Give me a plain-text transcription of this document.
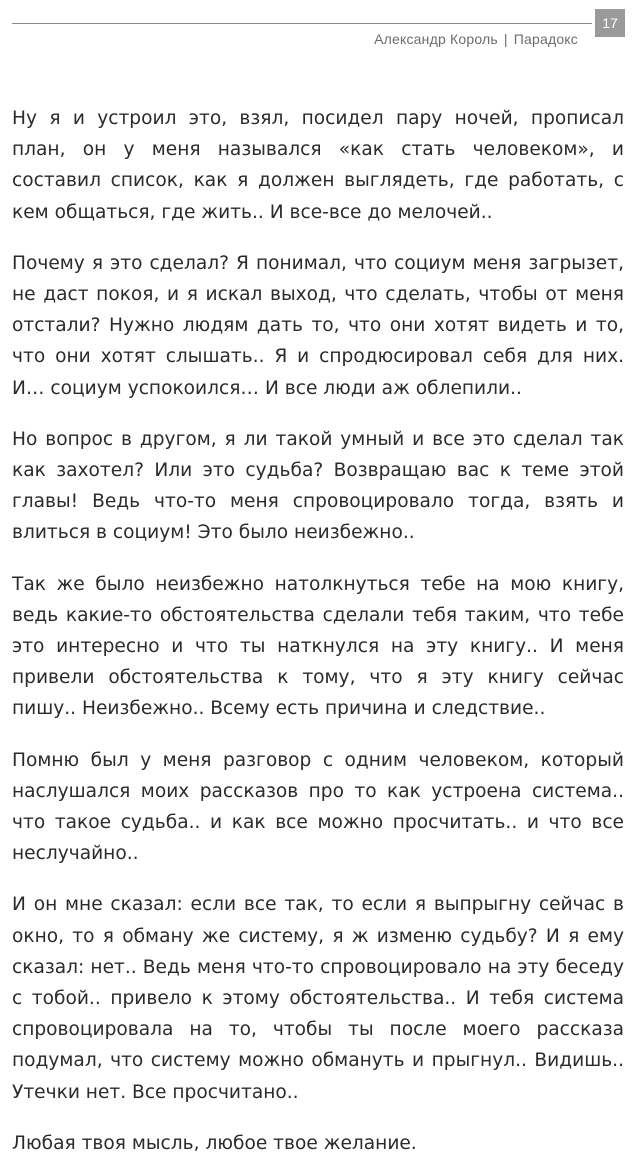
17
Александр Король | Парадокс

Ну я и устроил это, взял, посидел пару ночей, прописал план, он у меня назывался «как стать человеком», и составил список, как я должен выглядеть, где работать, с кем общаться, где жить.. И все-все до мелочей..

Почему я это сделал? Я понимал, что социум меня загрызет, не даст покоя, и я искал выход, что сделать, чтобы от меня отстали? Нужно людям дать то, что они хотят видеть и то, что они хотят слышать.. Я и спродюсировал себя для них. И… социум успокоился… И все люди аж облепили..

Но вопрос в другом, я ли такой умный и все это сделал так как захотел? Или это судьба? Возвращаю вас к теме этой главы! Ведь что-то меня спровоцировало тогда, взять и влиться в социум! Это было неизбежно..

Так же было неизбежно натолкнуться тебе на мою книгу, ведь какие-то обстоятельства сделали тебя таким, что тебе это интересно и что ты наткнулся на эту книгу.. И меня привели обстоятельства к тому, что я эту книгу сейчас пишу.. Неизбежно.. Всему есть причина и следствие..

Помню был у меня разговор с одним человеком, который наслушался моих рассказов про то как устроена система.. что такое судьба.. и как все можно просчитать.. и что все неслучайно..

И он мне сказал: если все так, то если я выпрыгну сейчас в окно, то я обману же систему, я ж изменю судьбу? И я ему сказал: нет.. Ведь меня что-то спровоцировало на эту беседу с тобой.. привело к этому обстоятельства.. И тебя система спровоцировала на то, чтобы ты после моего рассказа подумал, что систему можно обмануть и прыгнул.. Видишь.. Утечки нет. Все просчитано..

Любая твоя мысль, любое твое желание.
